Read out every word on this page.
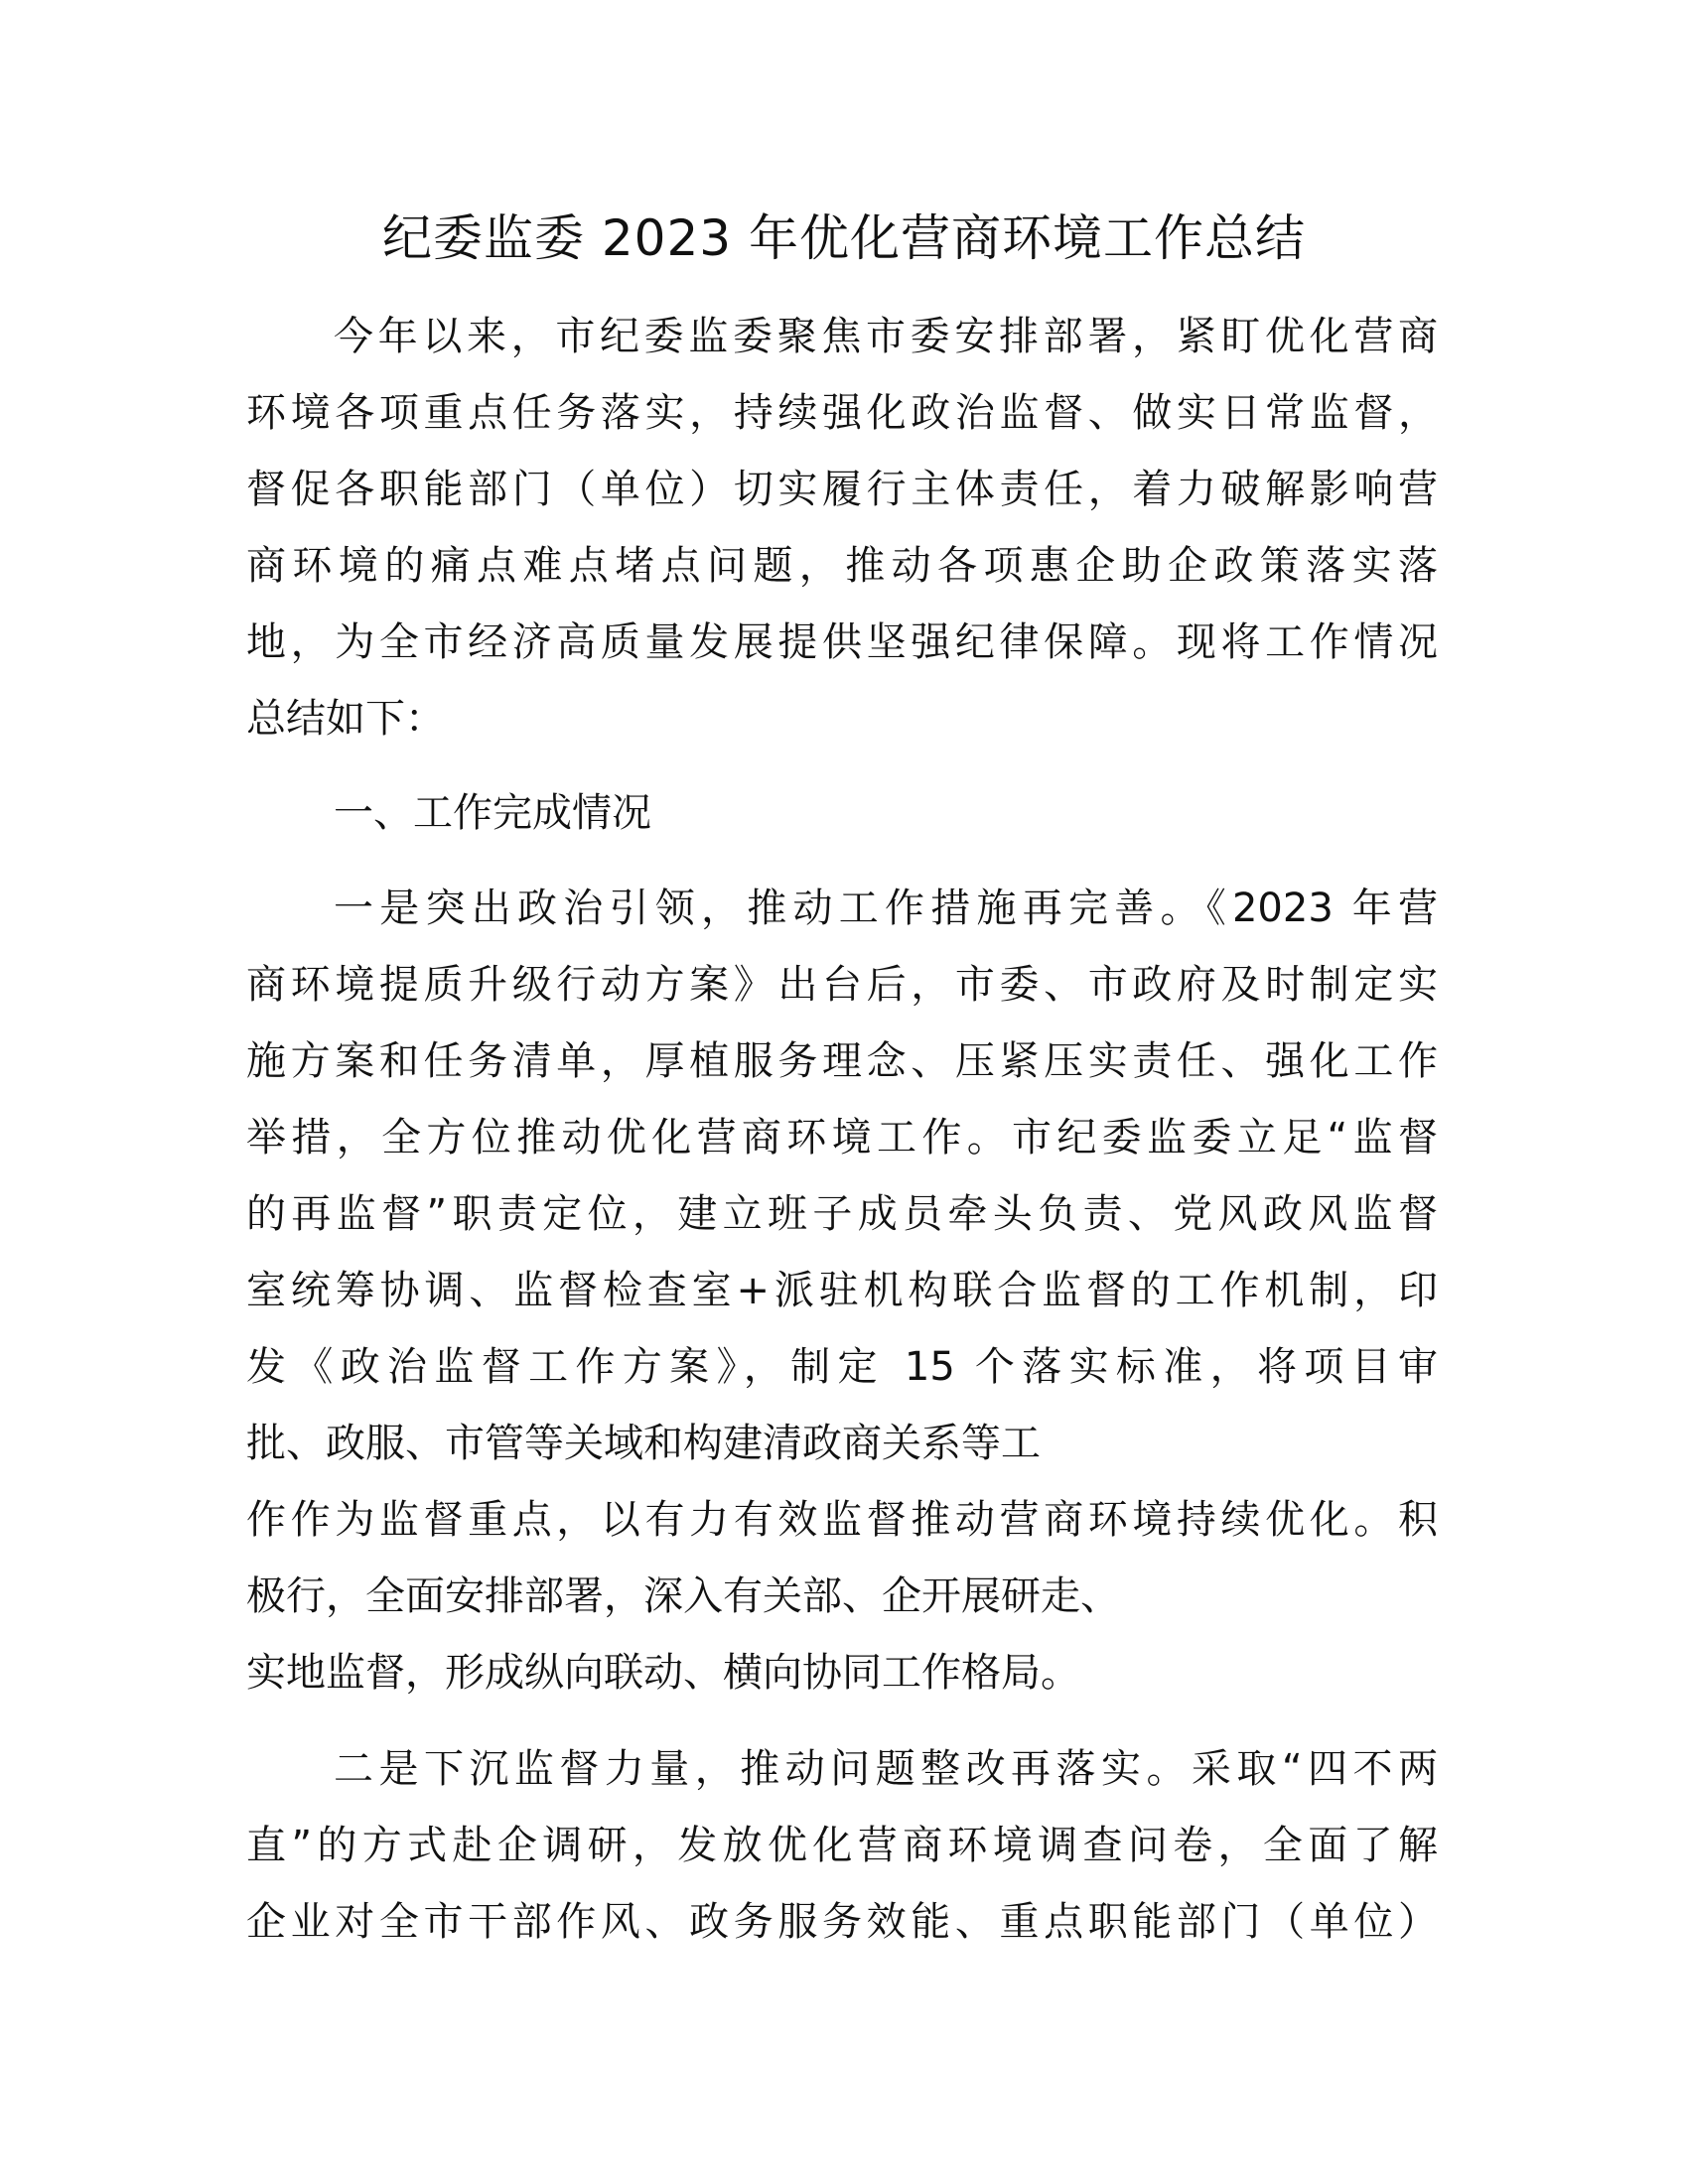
纪委监委 2023 年优化营商环境工作总结
今年以来，市纪委监委聚焦市委安排部署，紧盯优化营商
环境各项重点任务落实，持续强化政治监督、做实日常监督，
督促各职能部门（单位）切实履行主体责任，着力破解影响营
商环境的痛点难点堵点问题，推动各项惠企助企政策落实落
地，为全市经济高质量发展提供坚强纪律保障。现将工作情况
总结如下：
一、工作完成情况
一是突出政治引领，推动工作措施再完善。《2023 年营
商环境提质升级行动方案》出台后，市委、市政府及时制定实
施方案和任务清单，厚植服务理念、压紧压实责任、强化工作
举措，全方位推动优化营商环境工作。市纪委监委立足“监督
的再监督”职责定位，建立班子成员牵头负责、党风政风监督
室统筹协调、监督检查室+派驻机构联合监督的工作机制，印
发《政治监督工作方案》，制定 15 个落实标准，将项目审
批、政服、市管等关域和构建清政商关系等工
作作为监督重点，以有力有效监督推动营商环境持续优化。积
极行，全面安排部署，深入有关部、企开展研走、
实地监督，形成纵向联动、横向协同工作格局。
二是下沉监督力量，推动问题整改再落实。采取“四不两
直”的方式赴企调研，发放优化营商环境调查问卷，全面了解
企业对全市干部作风、政务服务效能、重点职能部门（单位）
